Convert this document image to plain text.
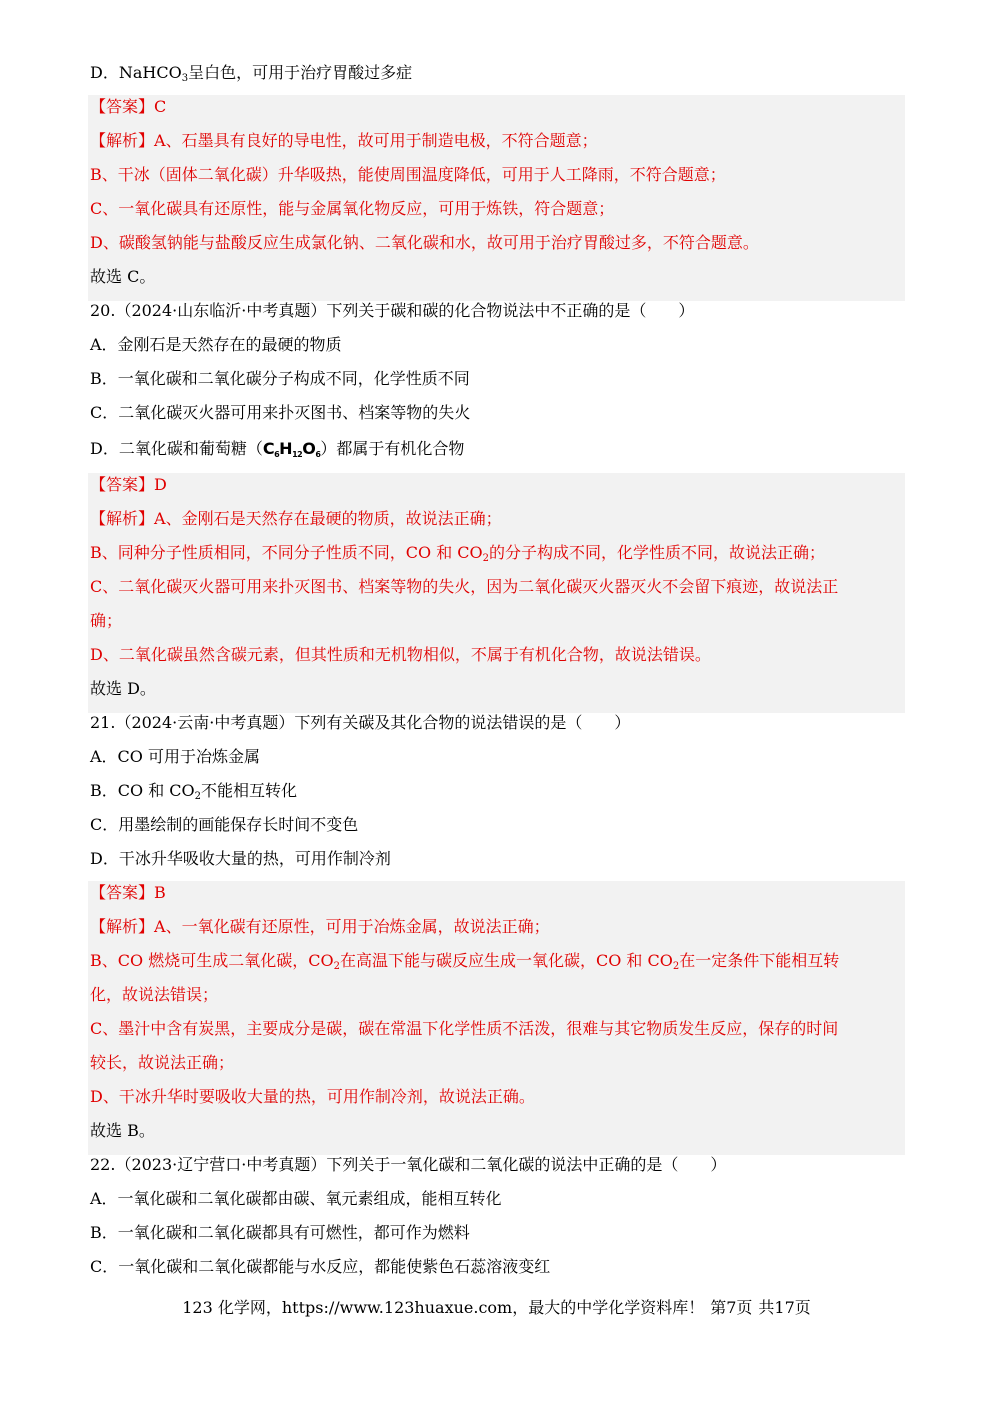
D．NaHCO$_3$呈白色，可用于治疗胃酸过多症
【答案】C
【解析】A、石墨具有良好的导电性，故可用于制造电极，不符合题意；
B、干冰（固体二氧化碳）升华吸热，能使周围温度降低，可用于人工降雨，不符合题意；
C、一氧化碳具有还原性，能与金属氧化物反应，可用于炼铁，符合题意；
D、碳酸氢钠能与盐酸反应生成氯化钠、二氧化碳和水，故可用于治疗胃酸过多，不符合题意。
故选 C。
20.（2024·山东临沂·中考真题）下列关于碳和碳的化合物说法中不正确的是（　　）
A．金刚石是天然存在的最硬的物质
B．一氧化碳和二氧化碳分子构成不同，化学性质不同
C．二氧化碳灭火器可用来扑灭图书、档案等物的失火
D．二氧化碳和葡萄糖$(C_6H_{12}O_6)$都属于有机化合物
【答案】D
【解析】A、金刚石是天然存在最硬的物质，故说法正确；
B、同种分子性质相同，不同分子性质不同，CO 和 $CO_2$的分子构成不同，化学性质不同，故说法正确；
C、二氧化碳灭火器可用来扑灭图书、档案等物的失火，因为二氧化碳灭火器灭火不会留下痕迹，故说法正
确；
D、二氧化碳虽然含碳元素，但其性质和无机物相似，不属于有机化合物，故说法错误。
故选 D。
21.（2024·云南·中考真题）下列有关碳及其化合物的说法错误的是（　　）
A．CO 可用于冶炼金属
B．CO 和 $CO_2$不能相互转化
C．用墨绘制的画能保存长时间不变色
D．干冰升华吸收大量的热，可用作制冷剂
【答案】B
【解析】A、一氧化碳有还原性，可用于冶炼金属，故说法正确；
B、CO 燃烧可生成二氧化碳，$CO_2$在高温下能与碳反应生成一氧化碳，CO 和 $CO_2$在一定条件下能相互转
化，故说法错误；
C、墨汁中含有炭黑，主要成分是碳，碳在常温下化学性质不活泼，很难与其它物质发生反应，保存的时间
较长，故说法正确；
D、干冰升华时要吸收大量的热，可用作制冷剂，故说法正确。
故选 B。
22.（2023·辽宁营口·中考真题）下列关于一氧化碳和二氧化碳的说法中正确的是（　　）
A．一氧化碳和二氧化碳都由碳、氧元素组成，能相互转化
B．一氧化碳和二氧化碳都具有可燃性，都可作为燃料
C．一氧化碳和二氧化碳都能与水反应，都能使紫色石蕊溶液变红
123 化学网，https://www.123huaxue.com，最大的中学化学资料库！ 第7页 共17页
